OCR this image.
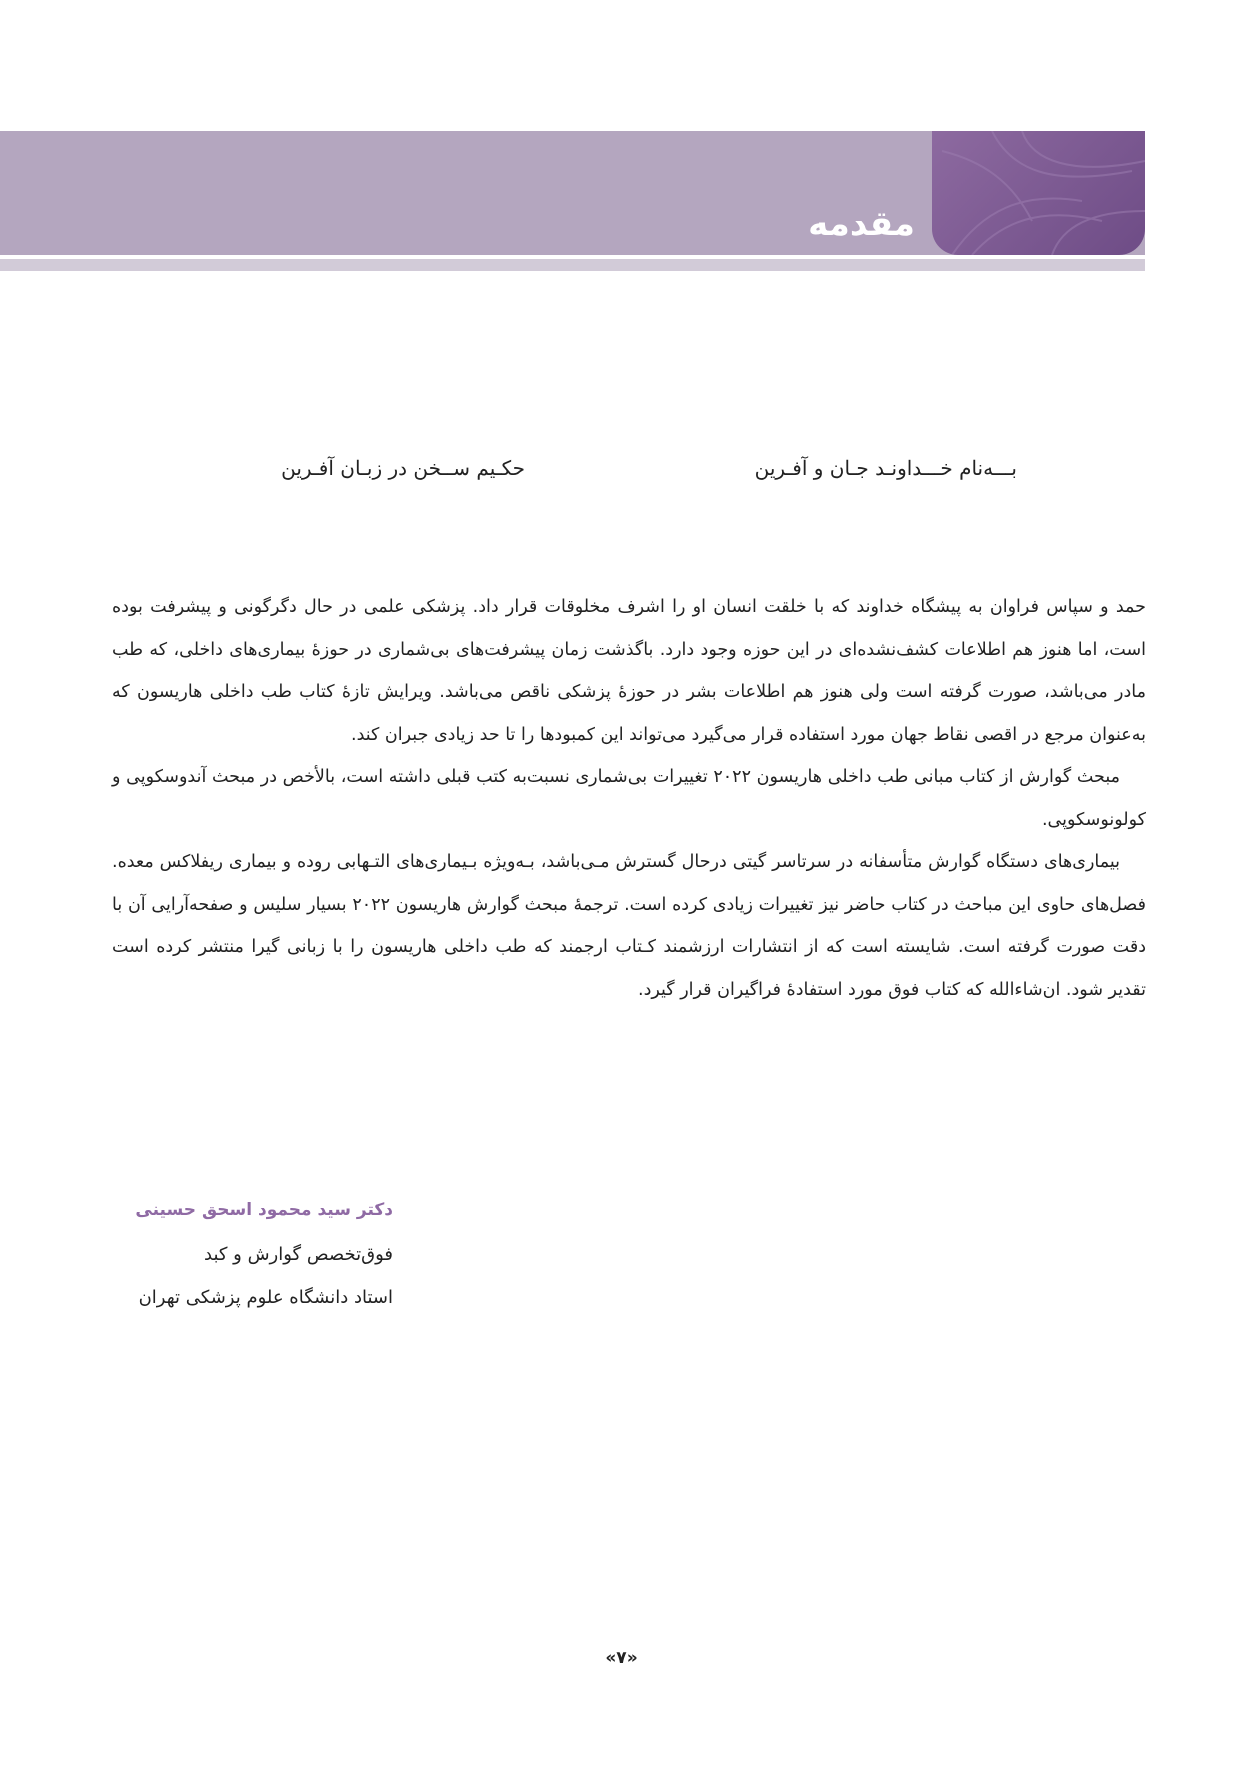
مقدمه
بـــه‌نام خـــداونـد جـان و آفـرین
حکـیم ســخن در زبـان آفـرین

حمد و سپاس فراوان به پیشگاه خداوند که با خلقت انسان او را اشرف مخلوقات قرار داد. پزشکی علمی در حال دگرگونی و پیشرفت بوده است، اما هنوز هم اطلاعات کشف‌نشده‌ای در این حوزه وجود دارد. باگذشت زمان پیشرفت‌های بی‌شماری در حوزهٔ بیماری‌های داخلی، که طب مادر می‌باشد، صورت گرفته است ولی هنوز هم اطلاعات بشر در حوزهٔ پزشکی ناقص می‌باشد. ویرایش تازهٔ کتاب طب داخلی هاریسون که به‌عنوان مرجع در اقصی نقاط جهان مورد استفاده قرار می‌گیرد می‌تواند این کمبودها را تا حد زیادی جبران کند.

مبحث گوارش از کتاب مبانی طب داخلی هاریسون ۲۰۲۲ تغییرات بی‌شماری نسبت‌به کتب قبلی داشته است، بالأخص در مبحث آندوسکوپی و کولونوسکوپی.

بیماری‌های دستگاه گوارش متأسفانه در سرتاسر گیتی درحال گسترش مـی‌باشد، بـه‌ویژه بـیماری‌های التـهابی روده و بیماری ریفلاکس معده. فصل‌های حاوی این مباحث در کتاب حاضر نیز تغییرات زیادی کرده است. ترجمهٔ مبحث گوارش هاریسون ۲۰۲۲ بسیار سلیس و صفحه‌آرایی آن با دقت صورت گرفته است. شایسته است که از انتشارات ارزشمند کـتاب ارجمند که طب داخلی هاریسون را با زبانی گیرا منتشر کرده است تقدیر شود. ان‌شاءالله که کتاب فوق مورد استفادهٔ فراگیران قرار گیرد.

دکتر سید محمود اسحق حسینی
فوق‌تخصص گوارش و کبد
استاد دانشگاه علوم پزشکی تهران
«۷»
